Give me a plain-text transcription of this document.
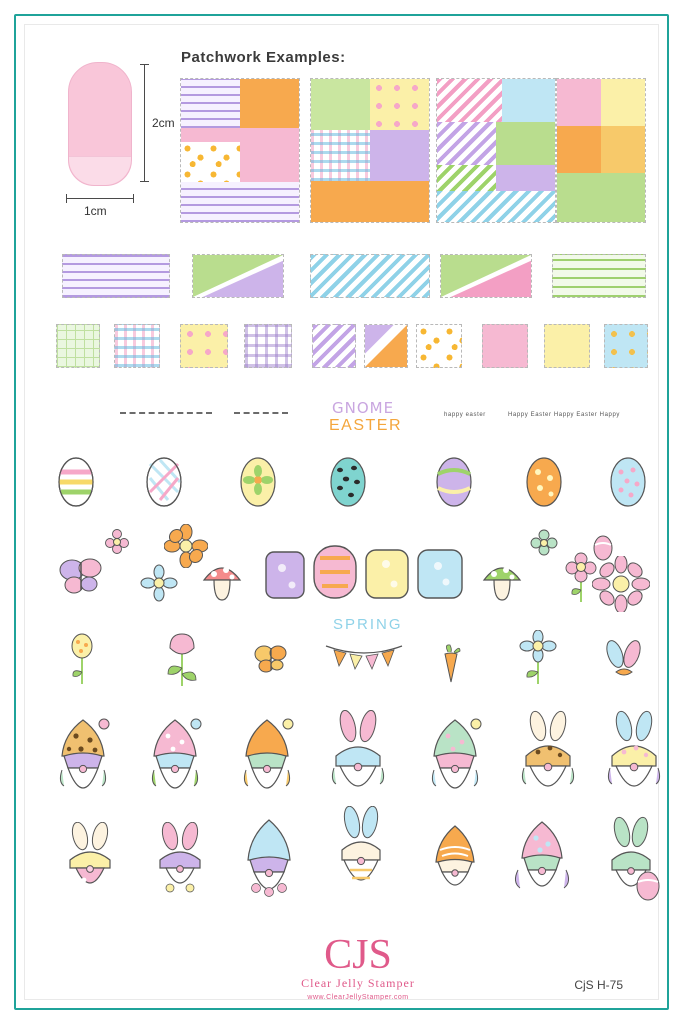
2cm
1cm
Patchwork Examples:
GNOME
EASTER
happy easter	Happy Easter Happy Easter Happy
SPRING
CJS
Clear Jelly Stamper
www.ClearJellyStamper.com
CjS H-75
